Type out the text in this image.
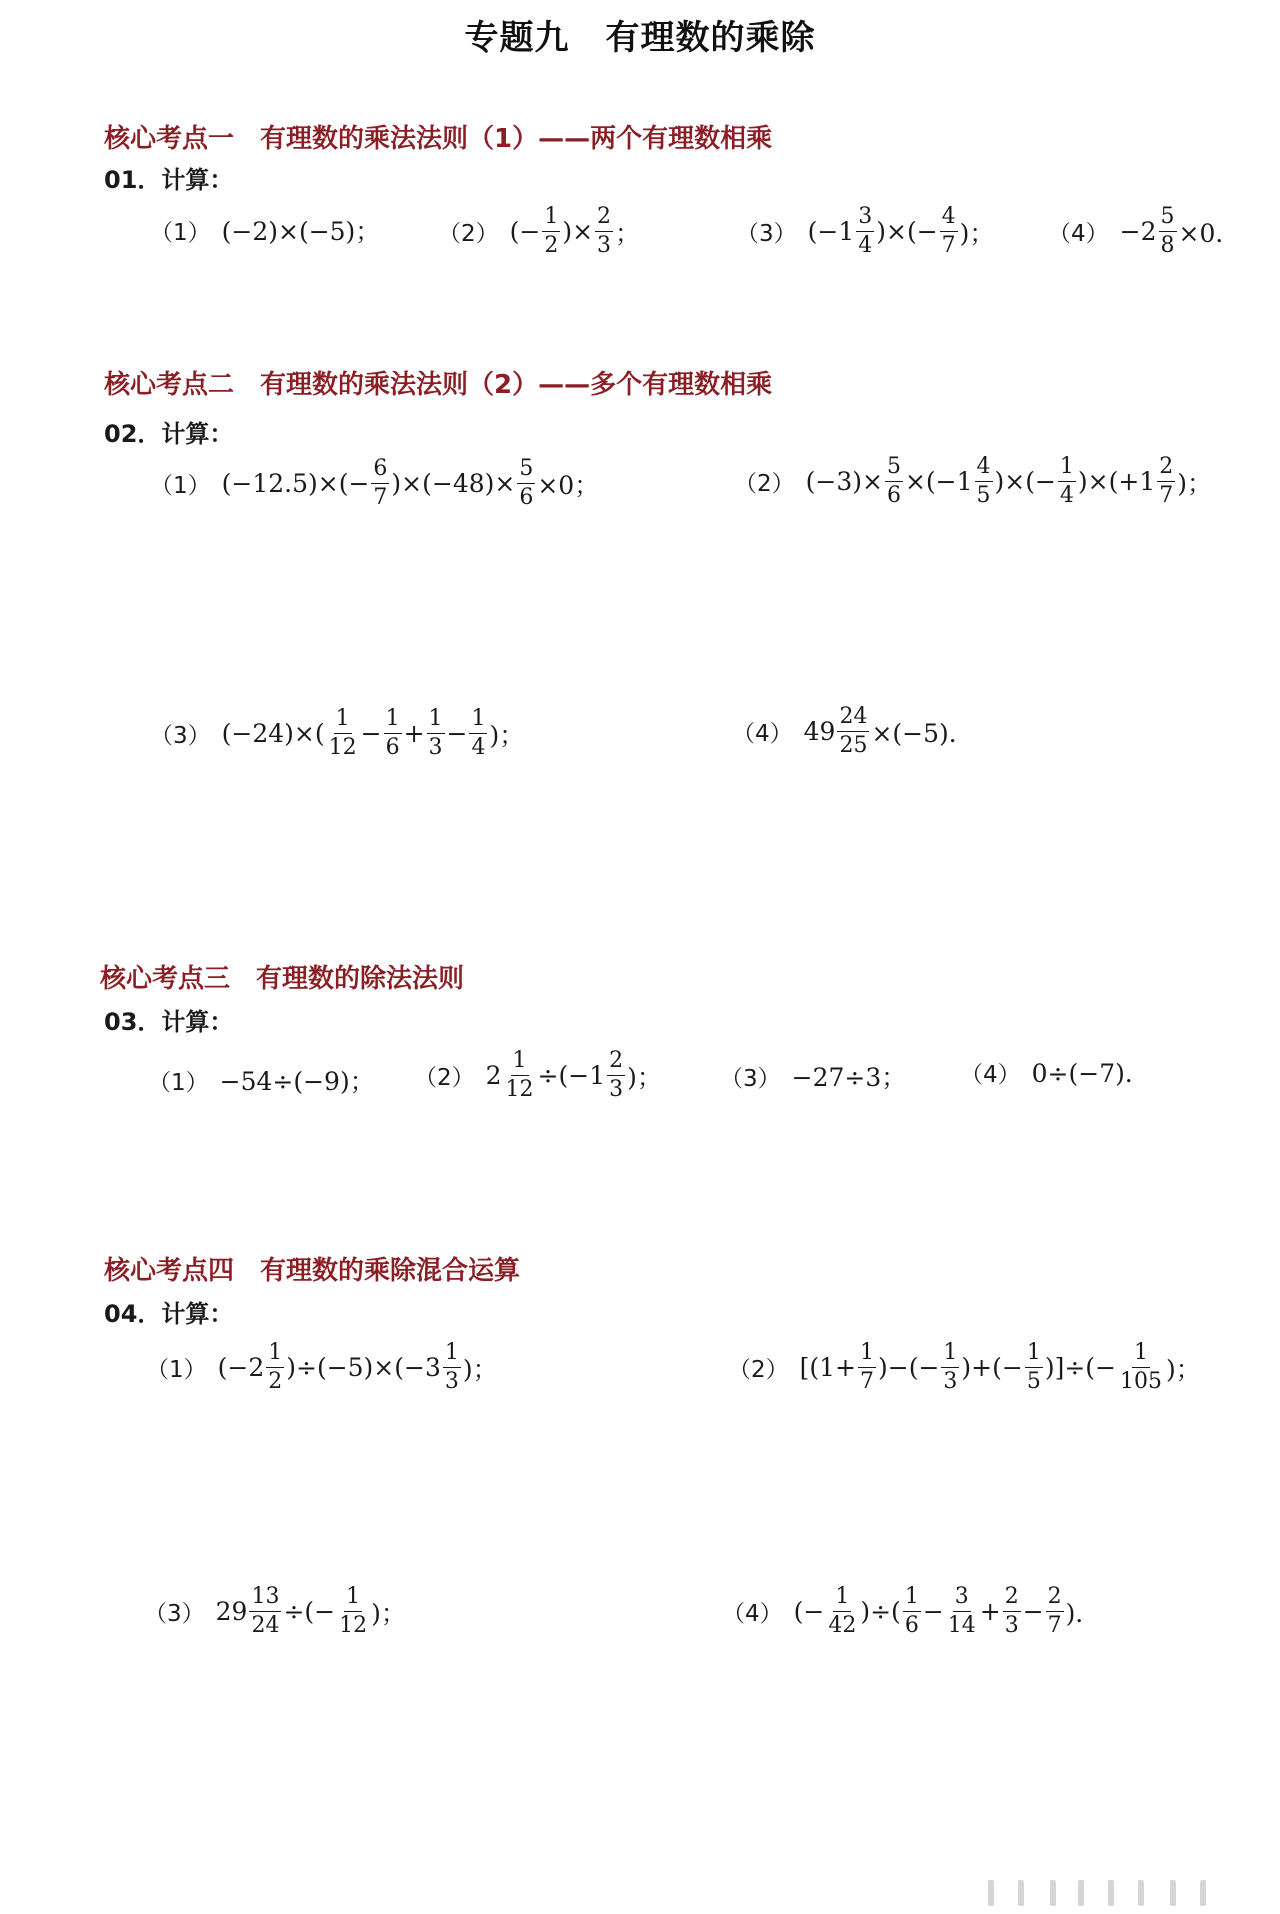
专题九 有理数的乘除
核心考点一 有理数的乘法法则（1）——两个有理数相乘
01．计算：
（1） (−2)×(−5)；	（2） (− $\frac{1}{2}$ )× $\frac{2}{3}$ ；	（3） ($-1 \frac{3}{4}$ )×(− $\frac{4}{7}$ )； $(4) -2 \frac{5}{8} \times 0$．
核心考点二 有理数的乘法法则（2）——多个有理数相乘
02．计算：
（1） $(-12.5)\times(- \frac{6}{7} )\times(-48)\times \frac{5}{6} \times 0$；	（2） $(-3)\times \frac{5}{6} \times(-1 \frac{4}{5}$ )×(− $\frac{1}{4} )\times(+1 \frac{2}{7}$ )；
（3） $(-24)\times( \frac{1}{12} - \frac{1}{6} + \frac{1}{3} - \frac{1}{4}$ )；	（4） $49 \frac{24}{25} \times(-5)$．
核心考点三 有理数的除法法则
03．计算：
（1） −54÷(−9)； （2） $2 \frac{1}{12} \div(-1 \frac{2}{3}$ )；	（3） −27÷3； （4） 0÷(−7)．
核心考点四 有理数的乘除混合运算
04．计算：
（1） $(-2 \frac{1}{2} )\div(-5)\times(-3 \frac{1}{3}$ )；	（2） [($1+ \frac{1}{7}$ )−(− $\frac{1}{3}$ )+(− $\frac{1}{5}$ )]÷(− $\frac{1}{105}$ )；
（3） $29 \frac{13}{24}$ ÷(− $\frac{1}{12}$ )；	（4） (− $\frac{1}{42}$ )÷( $\frac{1}{6} - \frac{3}{14} + \frac{2}{3} - \frac{2}{7}$ )．
